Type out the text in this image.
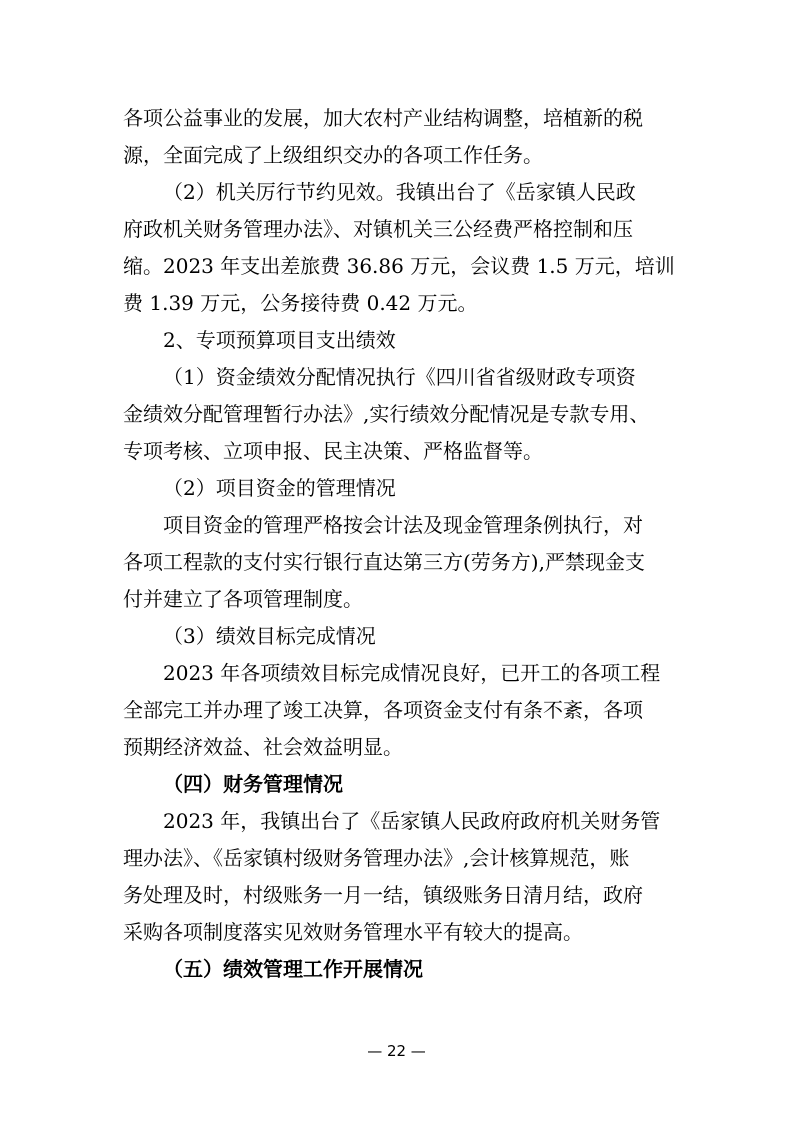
各项公益事业的发展，加大农村产业结构调整，培植新的税
源，全面完成了上级组织交办的各项工作任务。
（2）机关厉行节约见效。我镇出台了《岳家镇人民政
府政机关财务管理办法》、对镇机关三公经费严格控制和压
缩。2023 年支出差旅费 36.86 万元，会议费 1.5 万元，培训
费 1.39 万元，公务接待费 0.42 万元。
2、专项预算项目支出绩效
（1）资金绩效分配情况执行《四川省省级财政专项资
金绩效分配管理暂行办法》,实行绩效分配情况是专款专用、
专项考核、立项申报、民主决策、严格监督等。
（2）项目资金的管理情况
项目资金的管理严格按会计法及现金管理条例执行，对
各项工程款的支付实行银行直达第三方(劳务方),严禁现金支
付并建立了各项管理制度。
（3）绩效目标完成情况
2023 年各项绩效目标完成情况良好，已开工的各项工程
全部完工并办理了竣工决算，各项资金支付有条不紊，各项
预期经济效益、社会效益明显。
（四）财务管理情况
2023 年，我镇出台了《岳家镇人民政府政府机关财务管
理办法》、《岳家镇村级财务管理办法》,会计核算规范，账
务处理及时，村级账务一月一结，镇级账务日清月结，政府
采购各项制度落实见效财务管理水平有较大的提高。
（五）绩效管理工作开展情况
— 22 —
